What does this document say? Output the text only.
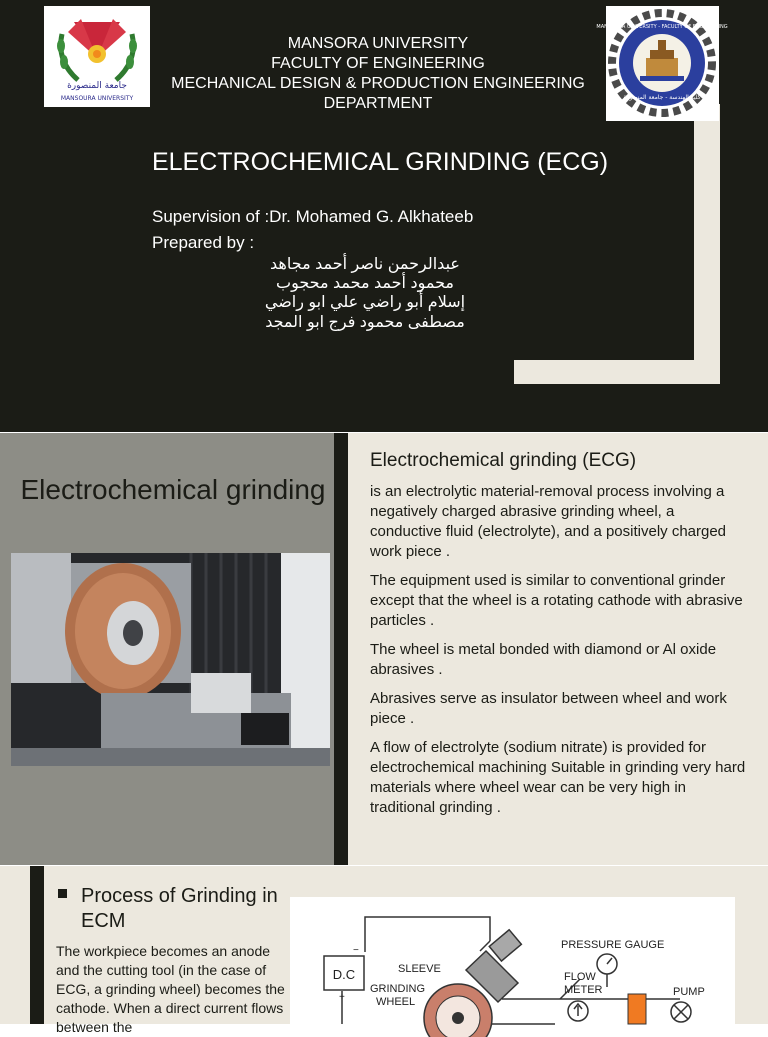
جامعة المنصورة
MANSOURA UNIVERSITY	كلية الهندسة - جامعة المنصورة
MANSOURA UNIVERSITY - FACULTY OF ENGINEERING
MANSORA UNIVERSITY
FACULTY OF ENGINEERING
MECHANICAL DESIGN & PRODUCTION ENGINEERING
DEPARTMENT
ELECTROCHEMICAL GRINDING (ECG)
Supervision of :Dr. Mohamed G. Alkhateeb
Prepared by :
عبدالرحمن ناصر أحمد مجاهد
محمود أحمد محمد محجوب
إسلام أبو راضي علي ابو راضي
مصطفى محمود فرج ابو المجد
Electrochemical grinding
Electrochemical grinding (ECG)

is an electrolytic material-removal process involving a negatively charged abrasive grinding wheel, a conductive fluid (electrolyte), and a positively charged work piece .

The equipment used is similar to conventional grinder except that the wheel is a rotating cathode with abrasive particles .

The wheel is metal bonded with diamond or Al oxide abrasives .

Abrasives serve as insulator between wheel and work piece .

A flow of electrolyte (sodium nitrate) is provided for electrochemical machining Suitable in grinding very hard materials where wheel wear can be very high in traditional grinding .

Process of Grinding in ECM
The workpiece becomes an anode and the cutting tool (in the case of ECG, a grinding wheel) becomes the cathode. When a direct current flows between the
D.C
−
+
SLEEVE
GRINDING
WHEEL
PRESSURE GAUGE
FLOW
METER	PUMP
